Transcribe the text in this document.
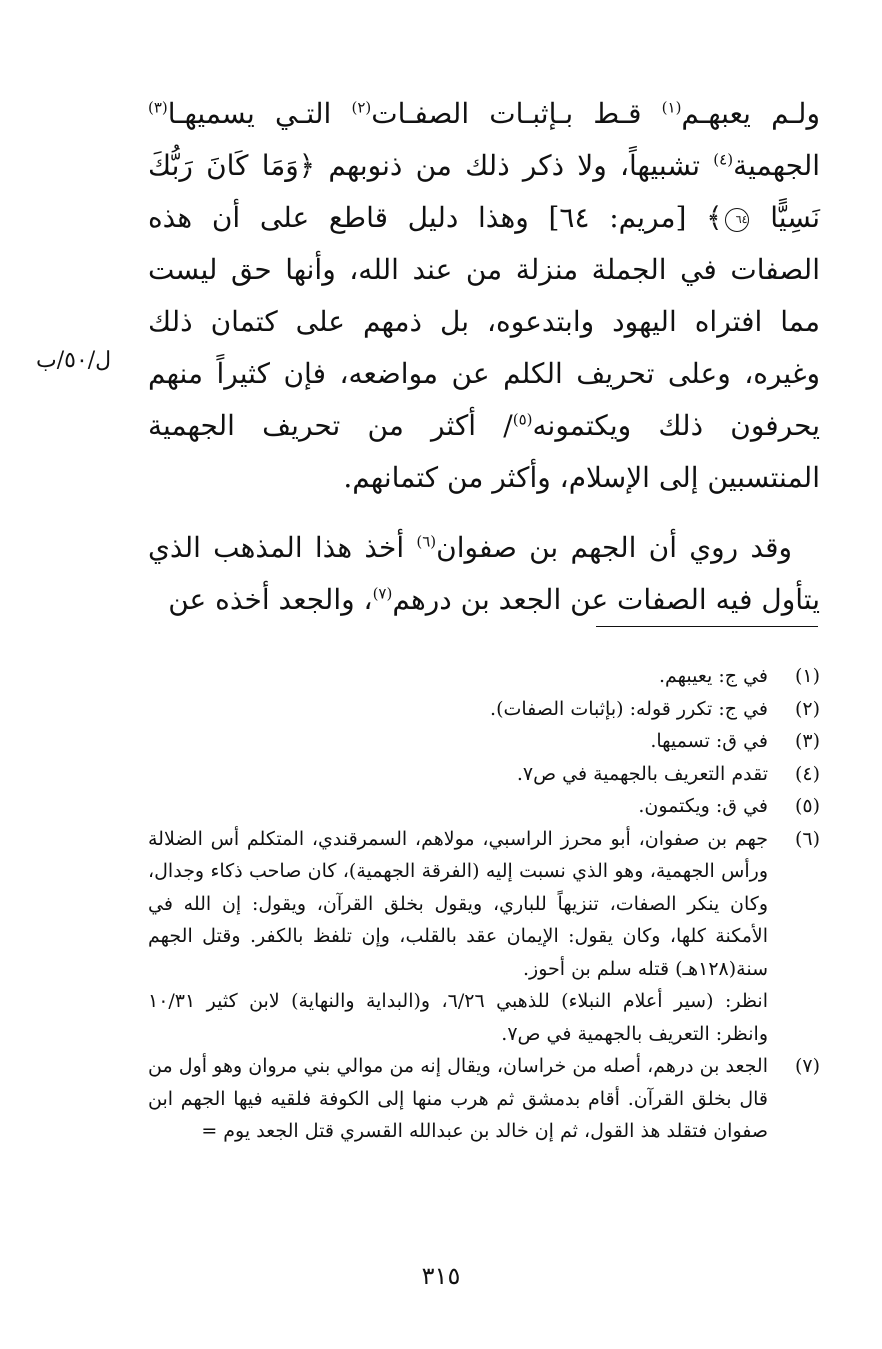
ولـم يعبهـم$^{(١)}$ قـط بـإثبـات الصفـات$^{(٢)}$ التـي يسميهـا$^{(٣)}$ الجهمية$^{(٤)}$ تشبيهاً، ولا ذكر ذلك من ذنوبهم ﴿وَمَا كَانَ رَبُّكَ نَسِيًّا ٦٤﴾ [مريم: ٦٤] وهذا دليل قاطع على أن هذه الصفات في الجملة منزلة من عند الله، وأنها حق ليست مما افتراه اليهود وابتدعوه، بل ذمهم على كتمان ذلك وغيره، وعلى تحريف الكلم عن مواضعه، فإن كثيراً منهم يحرفون ذلك ويكتمونه$^{(٥)}$/ أكثر من تحريف الجهمية المنتسبين إلى الإسلام، وأكثر من كتمانهم.

وقد روي أن الجهم بن صفوان$^{(٦)}$ أخذ هذا المذهب الذي يتأول فيه الصفات عن الجعد بن درهم$^{(٧)}$، والجعد أخذه عن

ل/٥٠/ب
(١)
في ج: يعيبهم.
(٢)
في ج: تكرر قوله: (بإثبات الصفات).
(٣)
في ق: تسميها.
(٤)
تقدم التعريف بالجهمية في ص٧.
(٥)
في ق: ويكتمون.
(٦)
جهم بن صفوان، أبو محرز الراسبي، مولاهم، السمرقندي، المتكلم أس الضلالة ورأس الجهمية، وهو الذي نسبت إليه (الفرقة الجهمية)، كان صاحب ذكاء وجدال، وكان ينكر الصفات، تنزيهاً للباري، ويقول بخلق القرآن، ويقول: إن الله في الأمكنة كلها، وكان يقول: الإيمان عقد بالقلب، وإن تلفظ بالكفر. وقتل الجهم سنة(١٢٨هـ) قتله سلم بن أحوز.
انظر: (سير أعلام النبلاء) للذهبي ٦/٢٦، و(البداية والنهاية) لابن كثير ١٠/٣١ وانظر: التعريف بالجهمية في ص٧.
(٧)
الجعد بن درهم، أصله من خراسان، ويقال إنه من موالي بني مروان وهو أول من قال بخلق القرآن. أقام بدمشق ثم هرب منها إلى الكوفة فلقيه فيها الجهم ابن صفوان فتقلد هذ القول، ثم إن خالد بن عبدالله القسري قتل الجعد يوم =
٣١٥
